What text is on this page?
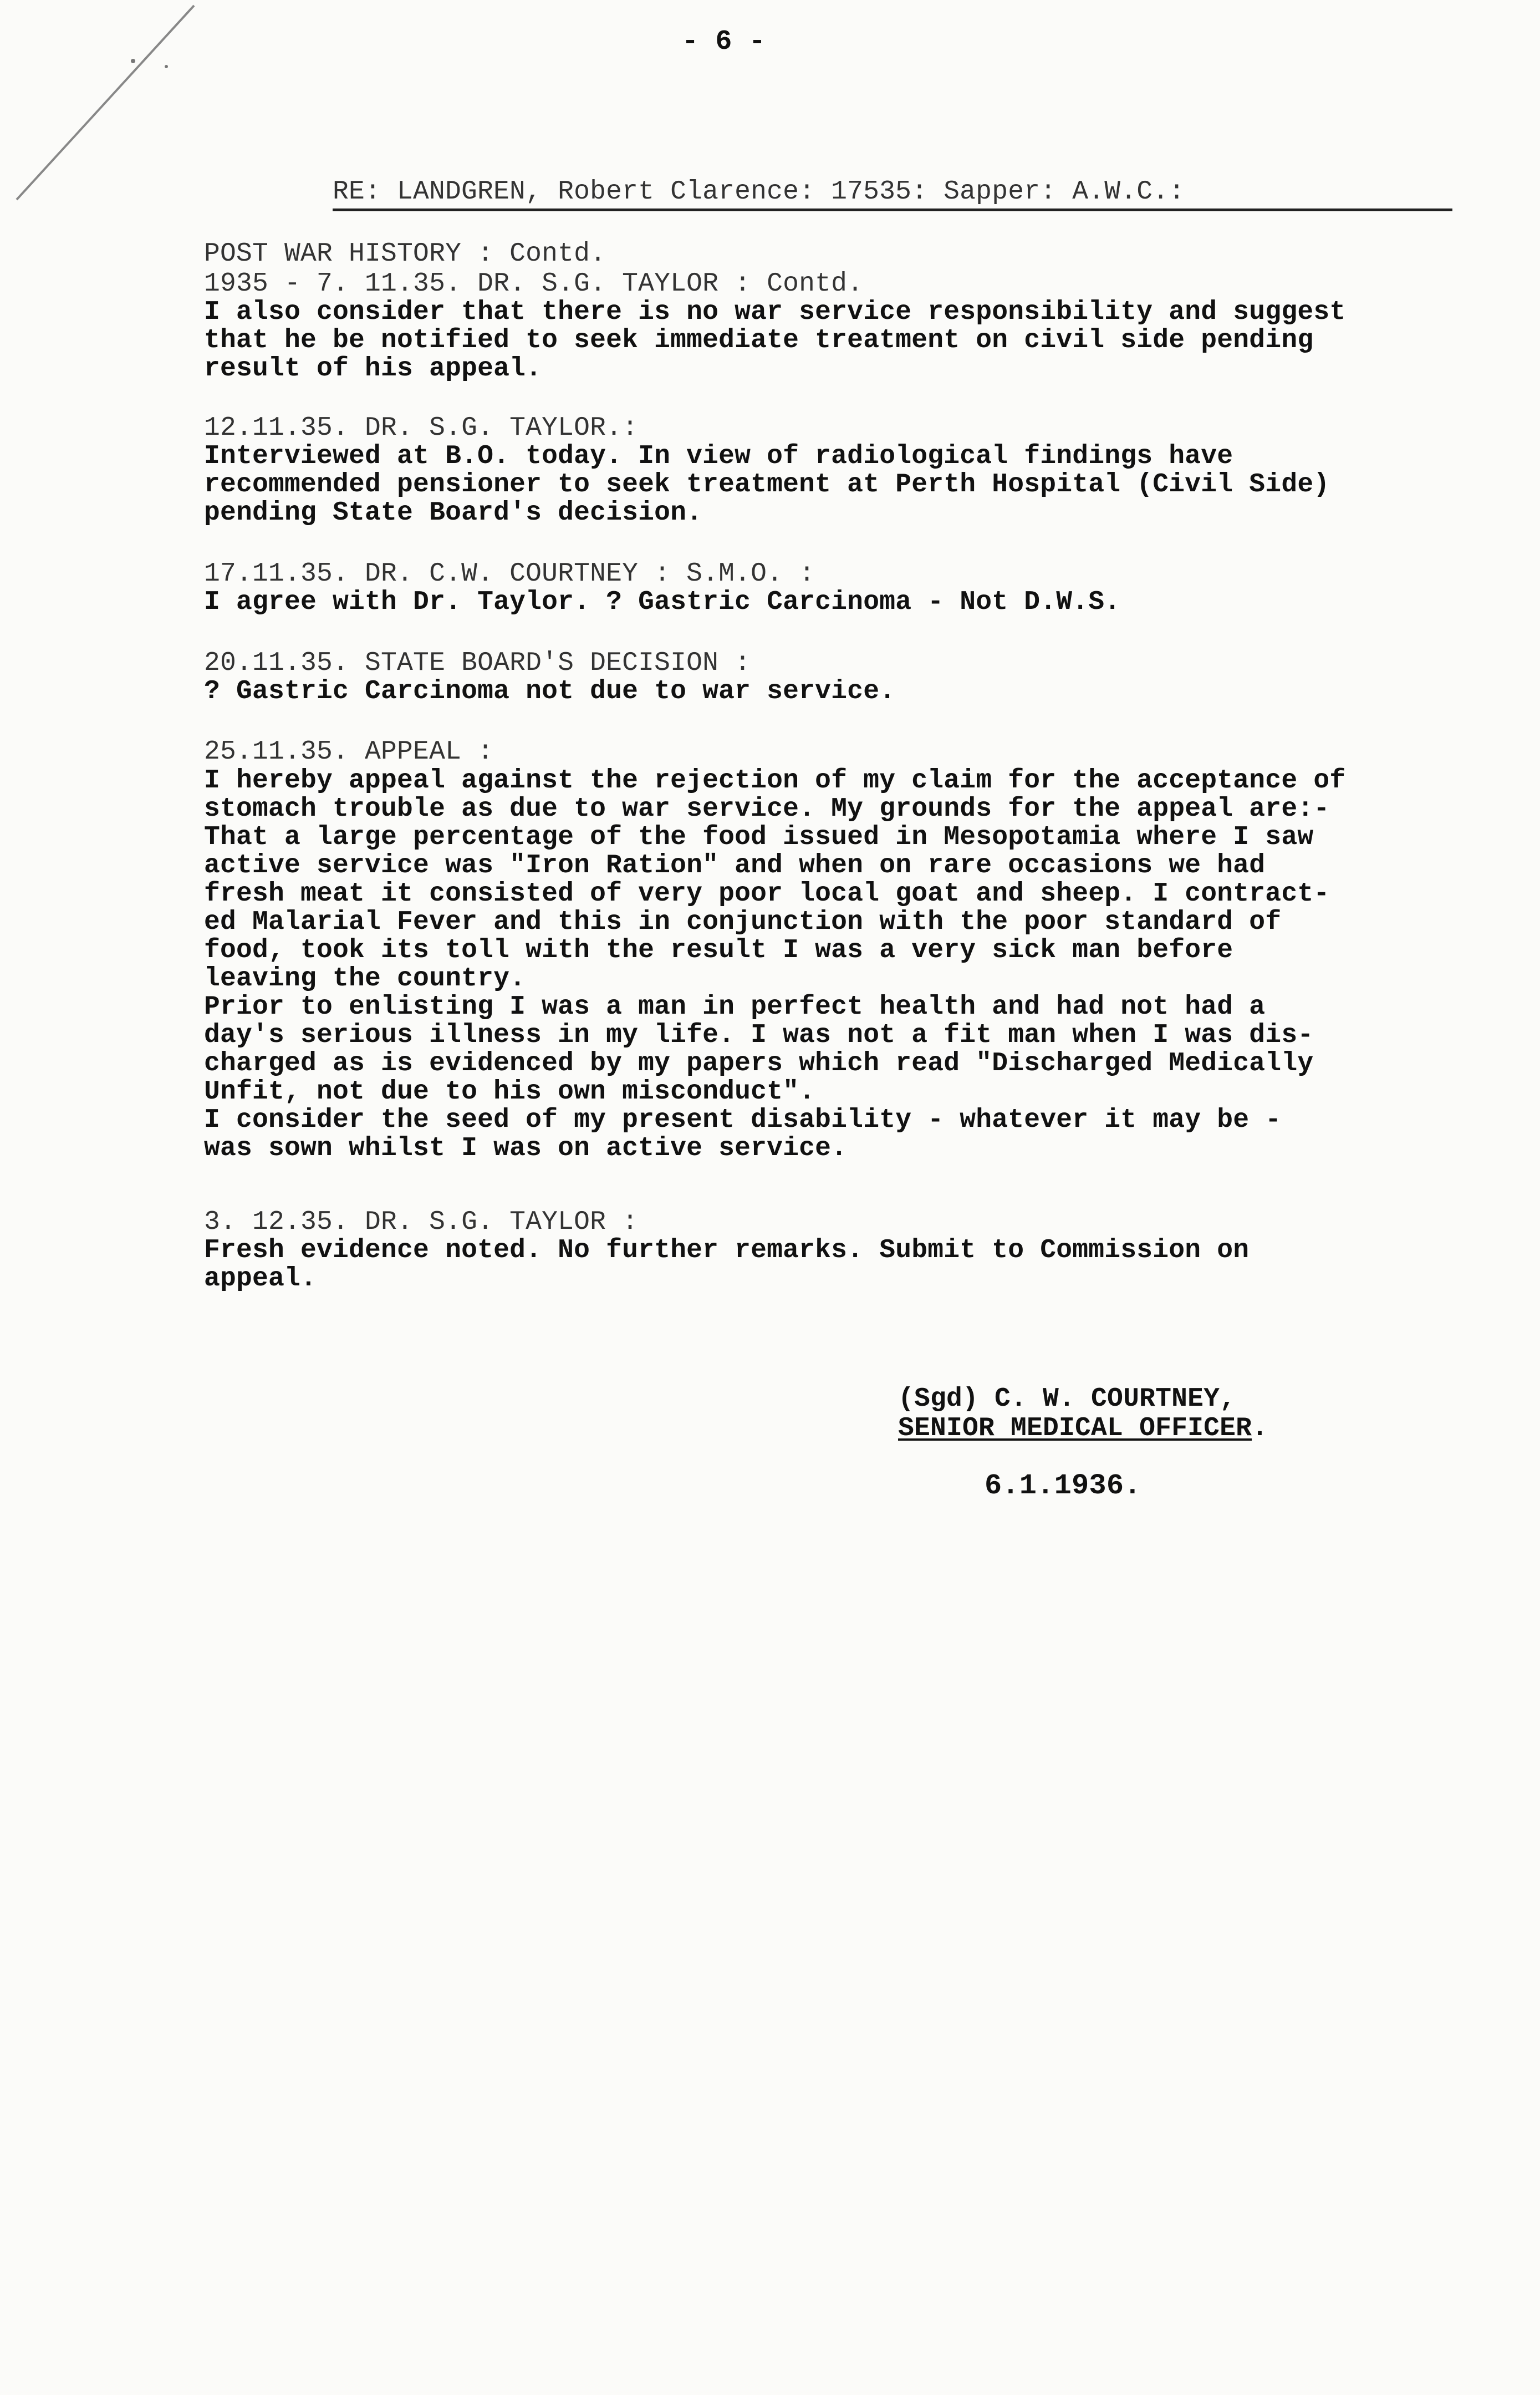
- 6 -
RE: LANDGREN, Robert Clarence: 17535: Sapper: A.W.C.:
POST WAR HISTORY : Contd.
1935 - 7. 11.35. DR. S.G. TAYLOR : Contd.
I also consider that there is no war service responsibility and suggest
that he be notified to seek immediate treatment on civil side pending
result of his appeal.
12.11.35. DR. S.G. TAYLOR.:
Interviewed at B.O. today. In view of radiological findings have
recommended pensioner to seek treatment at Perth Hospital (Civil Side)
pending State Board's decision.
17.11.35. DR. C.W. COURTNEY : S.M.O. :
I agree with Dr. Taylor. ? Gastric Carcinoma - Not D.W.S.
20.11.35. STATE BOARD'S DECISION :
? Gastric Carcinoma not due to war service.
25.11.35. APPEAL :
I hereby appeal against the rejection of my claim for the acceptance of
stomach trouble as due to war service. My grounds for the appeal are:-
That a large percentage of the food issued in Mesopotamia where I saw
active service was "Iron Ration" and when on rare occasions we had
fresh meat it consisted of very poor local goat and sheep. I contract-
ed Malarial Fever and this in conjunction with the poor standard of
food, took its toll with the result I was a very sick man before
leaving the country.
Prior to enlisting I was a man in perfect health and had not had a
day's serious illness in my life. I was not a fit man when I was dis-
charged as is evidenced by my papers which read "Discharged Medically
Unfit, not due to his own misconduct".
I consider the seed of my present disability - whatever it may be -
was sown whilst I was on active service.
3. 12.35. DR. S.G. TAYLOR :
Fresh evidence noted. No further remarks. Submit to Commission on
appeal.
(Sgd) C. W. COURTNEY,
SENIOR MEDICAL OFFICER.
6.1.1936.
